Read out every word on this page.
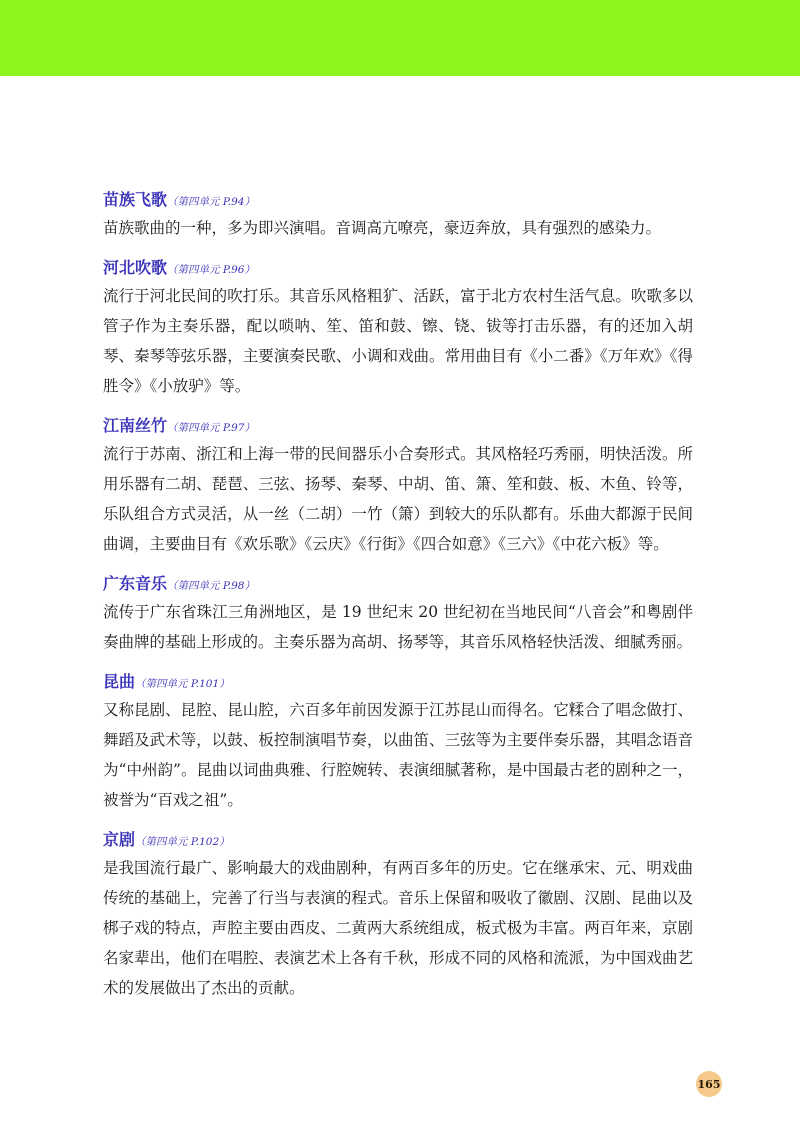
苗族飞歌（第四单元 P.94）

苗族歌曲的一种，多为即兴演唱。音调高亢嘹亮，豪迈奔放，具有强烈的感染力。

河北吹歌（第四单元 P.96）

流行于河北民间的吹打乐。其音乐风格粗犷、活跃，富于北方农村生活气息。吹歌多以管子作为主奏乐器，配以唢呐、笙、笛和鼓、镲、铙、钹等打击乐器，有的还加入胡琴、秦琴等弦乐器，主要演奏民歌、小调和戏曲。常用曲目有《小二番》《万年欢》《得胜令》《小放驴》等。

江南丝竹（第四单元 P.97）

流行于苏南、浙江和上海一带的民间器乐小合奏形式。其风格轻巧秀丽，明快活泼。所用乐器有二胡、琵琶、三弦、扬琴、秦琴、中胡、笛、箫、笙和鼓、板、木鱼、铃等，乐队组合方式灵活，从一丝（二胡）一竹（箫）到较大的乐队都有。乐曲大都源于民间曲调，主要曲目有《欢乐歌》《云庆》《行街》《四合如意》《三六》《中花六板》等。

广东音乐（第四单元 P.98）

流传于广东省珠江三角洲地区，是 19 世纪末 20 世纪初在当地民间“八音会”和粤剧伴奏曲牌的基础上形成的。主奏乐器为高胡、扬琴等，其音乐风格轻快活泼、细腻秀丽。

昆曲（第四单元 P.101）

又称昆剧、昆腔、昆山腔，六百多年前因发源于江苏昆山而得名。它糅合了唱念做打、舞蹈及武术等，以鼓、板控制演唱节奏，以曲笛、三弦等为主要伴奏乐器，其唱念语音为“中州韵”。昆曲以词曲典雅、行腔婉转、表演细腻著称，是中国最古老的剧种之一，被誉为“百戏之祖”。

京剧（第四单元 P.102）

是我国流行最广、影响最大的戏曲剧种，有两百多年的历史。它在继承宋、元、明戏曲传统的基础上，完善了行当与表演的程式。音乐上保留和吸收了徽剧、汉剧、昆曲以及梆子戏的特点，声腔主要由西皮、二黄两大系统组成，板式极为丰富。两百年来，京剧名家辈出，他们在唱腔、表演艺术上各有千秋，形成不同的风格和流派，为中国戏曲艺术的发展做出了杰出的贡献。

165
